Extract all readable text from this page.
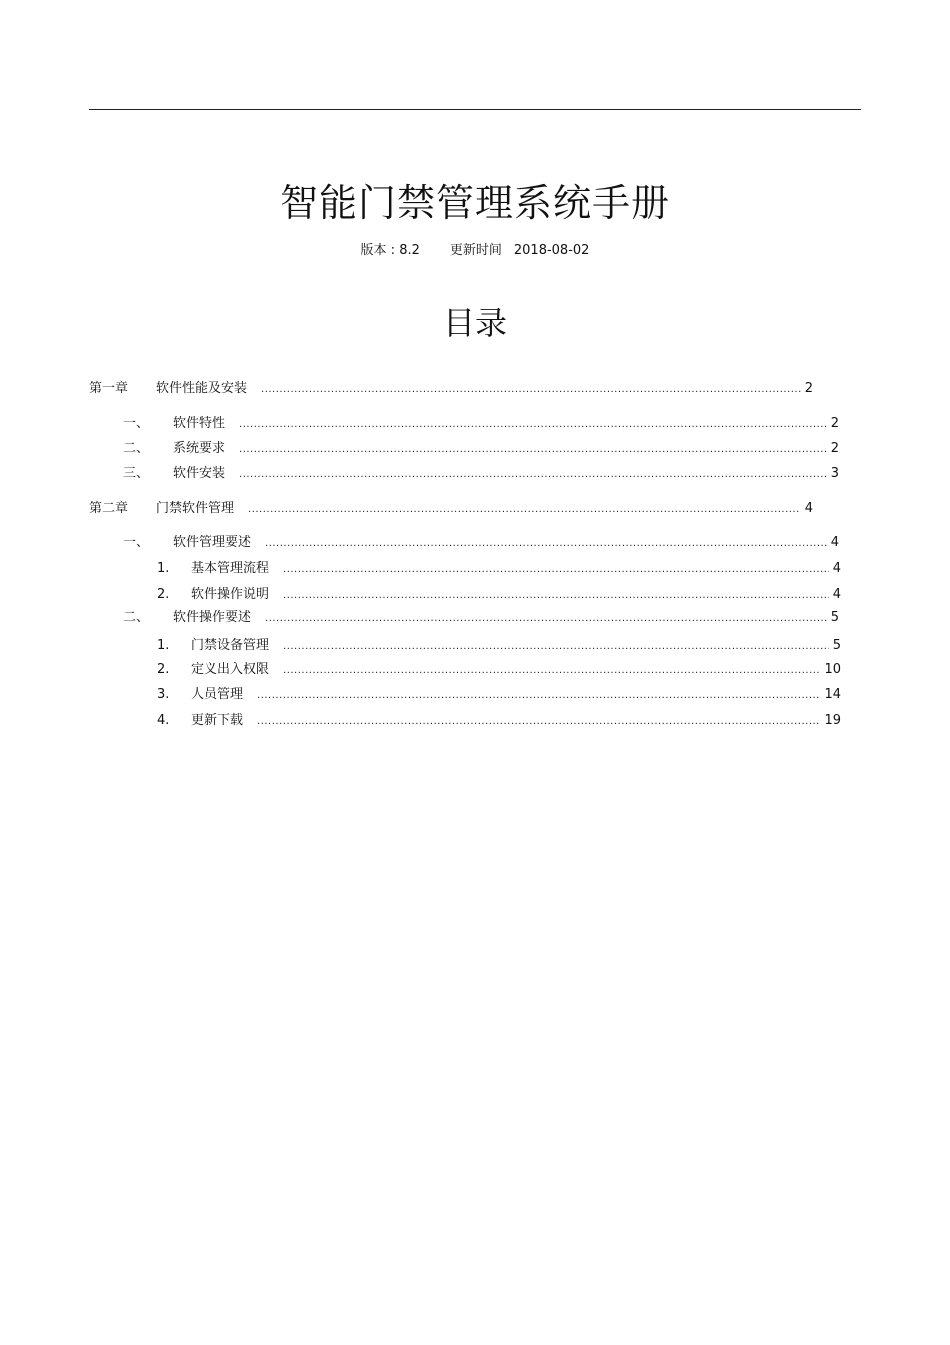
智能门禁管理系统手册
版本 : 8.2 更新时间 2018-08-02
目录
第一章	软件性能及安装 .....	2
一、	软件特性 .....	2
二、	系统要求 .....	2
三、	软件安装 .....	3
第二章	门禁软件管理 .....	4
一、	软件管理要述 .....	4
1.	基本管理流程 .....	4
2.	软件操作说明 .....	4
二、	软件操作要述 .....	5
1.	门禁设备管理 .....	5
2.	定义出入权限 .....	10
3.	人员管理 .....	14
4.	更新下载 .....	19
